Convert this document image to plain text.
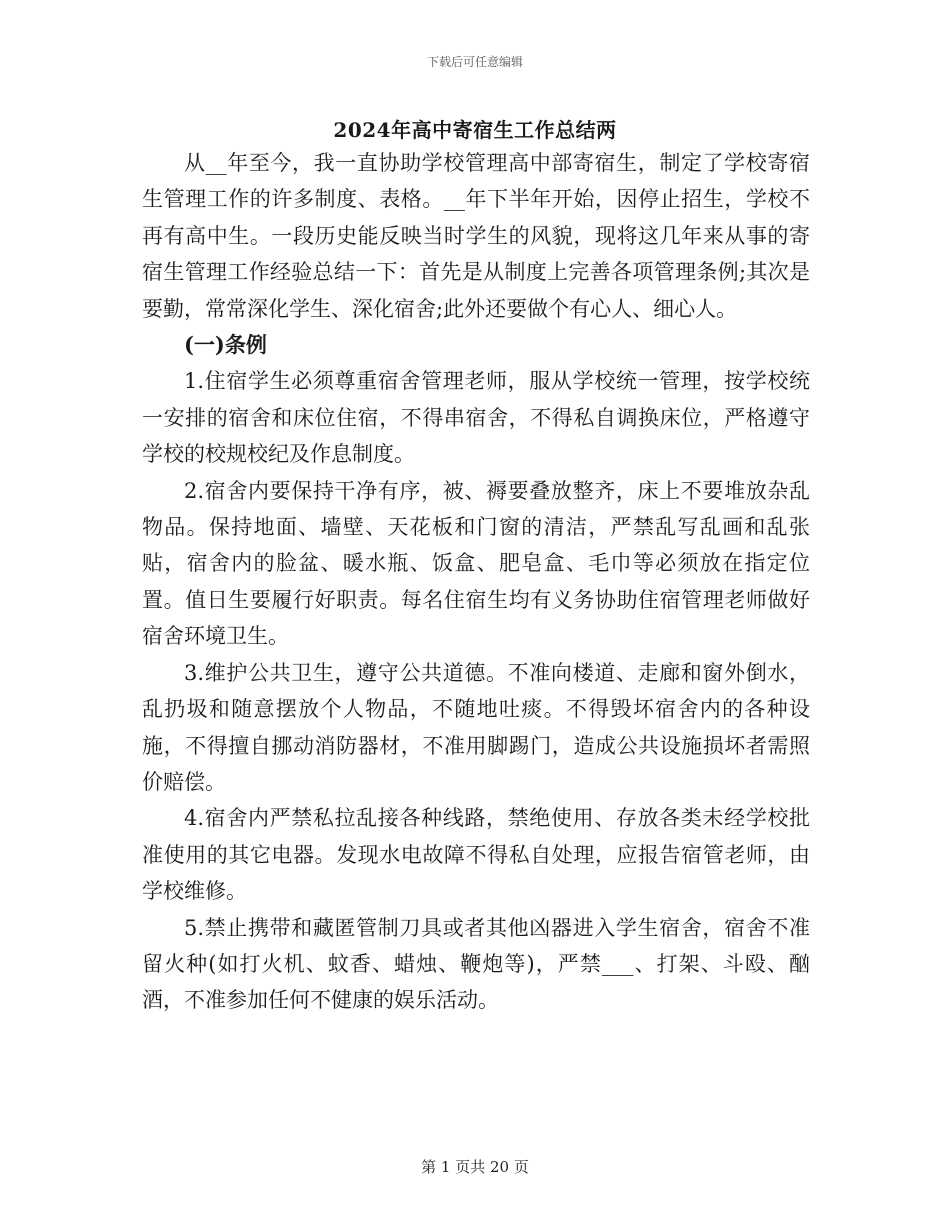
下载后可任意编辑
2024年高中寄宿生工作总结两

从__年至今，我一直协助学校管理高中部寄宿生，制定了学校寄宿生管理工作的许多制度、表格。__年下半年开始，因停止招生，学校不再有高中生。一段历史能反映当时学生的风貌，现将这几年来从事的寄宿生管理工作经验总结一下：首先是从制度上完善各项管理条例;其次是要勤，常常深化学生、深化宿舍;此外还要做个有心人、细心人。

(一)条例

1.住宿学生必须尊重宿舍管理老师，服从学校统一管理，按学校统一安排的宿舍和床位住宿，不得串宿舍，不得私自调换床位，严格遵守学校的校规校纪及作息制度。

2.宿舍内要保持干净有序，被、褥要叠放整齐，床上不要堆放杂乱物品。保持地面、墙壁、天花板和门窗的清洁，严禁乱写乱画和乱张贴，宿舍内的脸盆、暖水瓶、饭盒、肥皂盒、毛巾等必须放在指定位置。值日生要履行好职责。每名住宿生均有义务协助住宿管理老师做好宿舍环境卫生。

3.维护公共卫生，遵守公共道德。不准向楼道、走廊和窗外倒水，乱扔圾和随意摆放个人物品，不随地吐痰。不得毁坏宿舍内的各种设施，不得擅自挪动消防器材，不准用脚踢门，造成公共设施损坏者需照价赔偿。

4.宿舍内严禁私拉乱接各种线路，禁绝使用、存放各类未经学校批准使用的其它电器。发现水电故障不得私自处理，应报告宿管老师，由学校维修。

5.禁止携带和藏匿管制刀具或者其他凶器进入学生宿舍，宿舍不准留火种(如打火机、蚊香、蜡烛、鞭炮等)，严禁___、打架、斗殴、酗酒，不准参加任何不健康的娱乐活动。

第 1 页共 20 页
